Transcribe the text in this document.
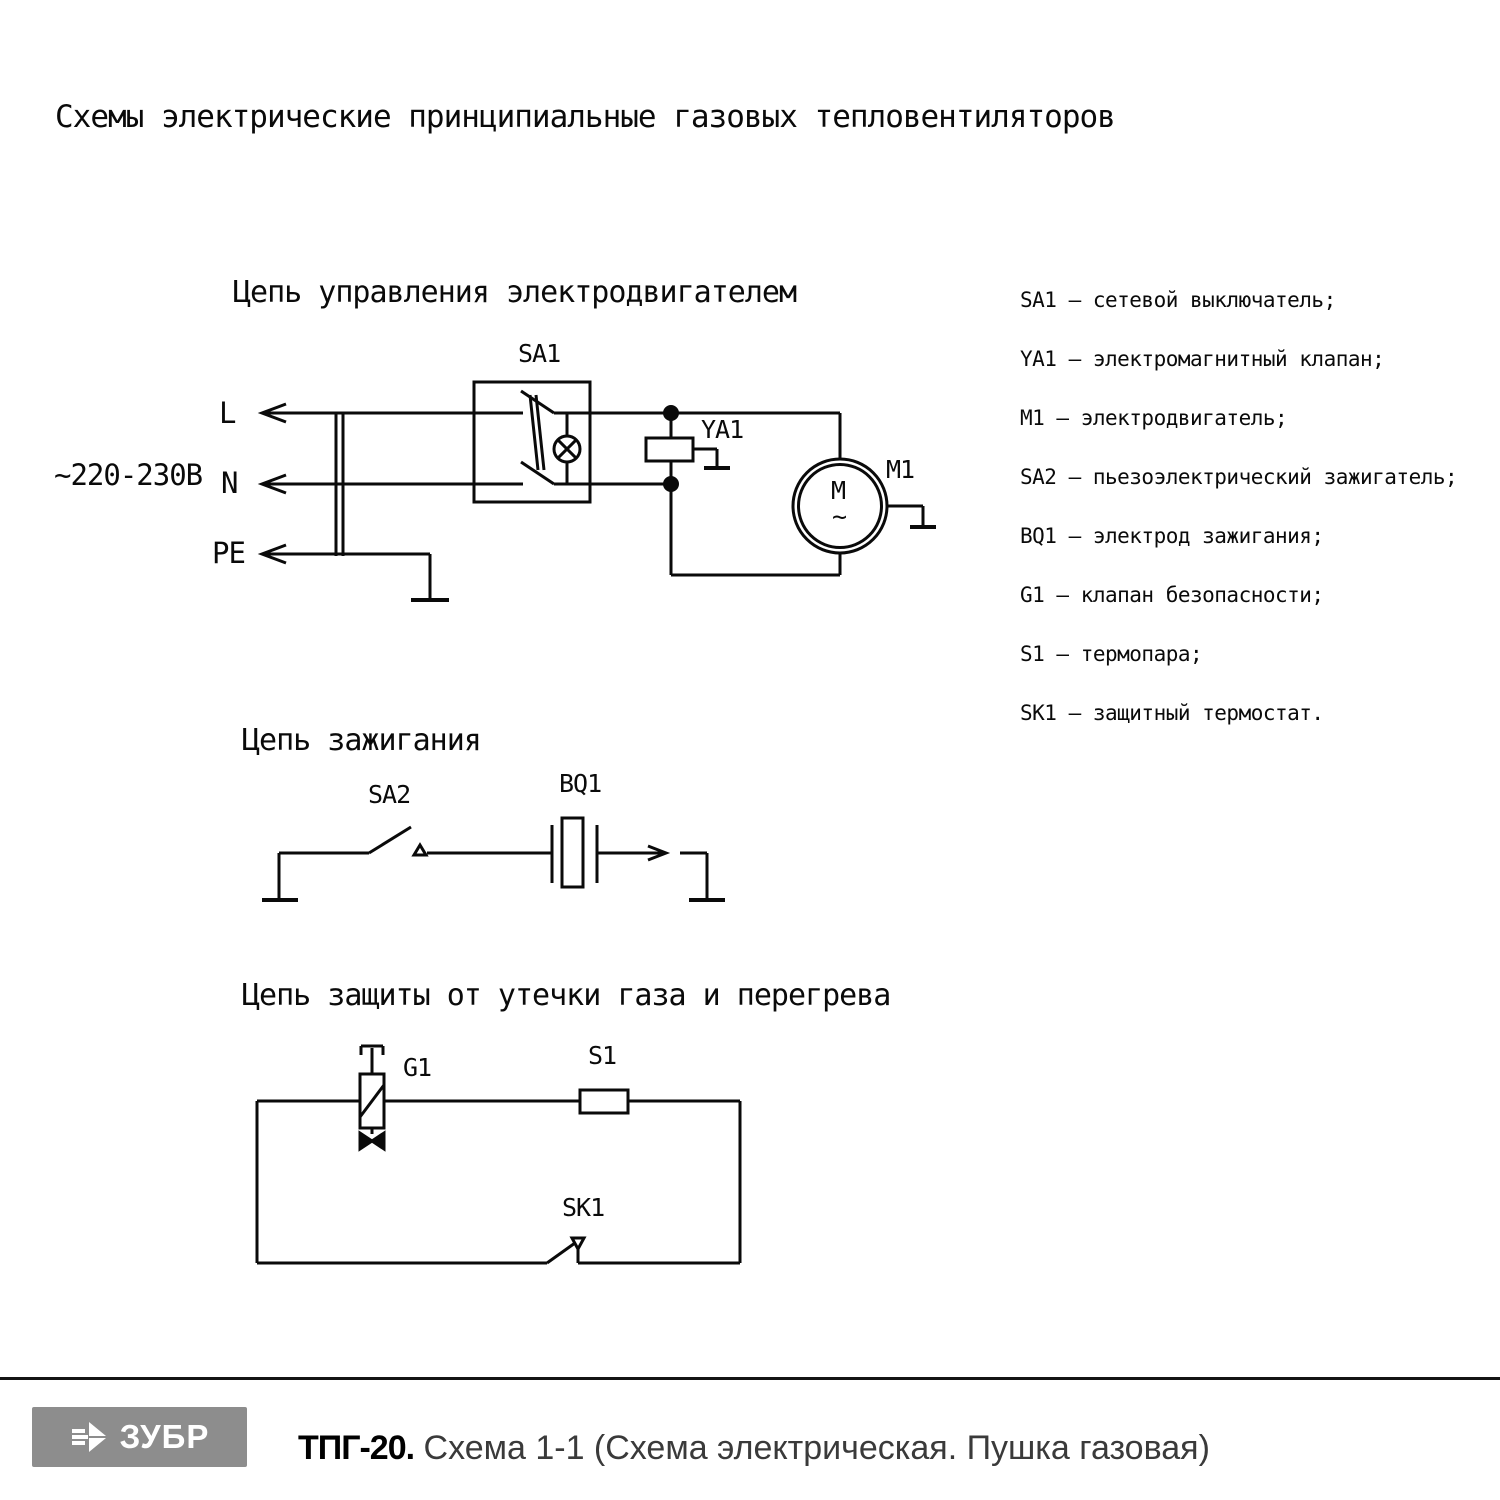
Схемы электрические принципиальные газовых тепловентиляторов
Цепь управления электродвигателем
SA1
~220-230В
L
N
PE
YA1
M1
M
~
Цепь зажигания
SA2	BQ1
Цепь защиты от утечки газа и перегрева
G1	S1
SK1
SA1 – сетевой выключатель;
YA1 – электромагнитный клапан;
M1 – электродвигатель;
SA2 – пьезоэлектрический зажигатель;
BQ1 – электрод зажигания;
G1 – клапан безопасности;
S1 – термопара;
SK1 – защитный термостат.
ЗУБР	ТПГ-20. Схема 1-1 (Схема электрическая. Пушка газовая)
